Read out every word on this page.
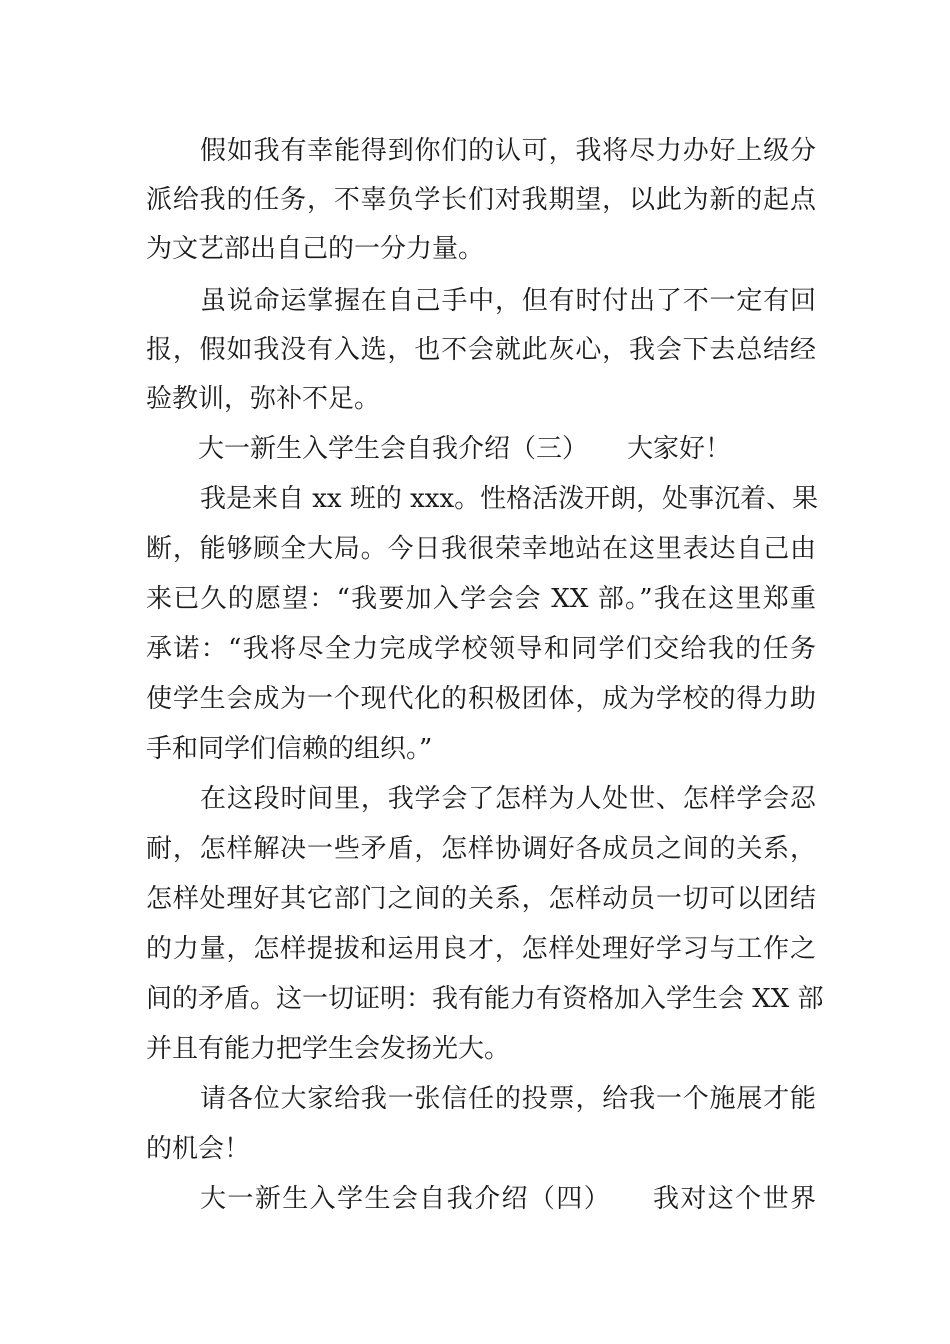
假如我有幸能得到你们的认可，我将尽力办好上级分
派给我的任务，不辜负学长们对我期望，以此为新的起点
为文艺部出自己的一分力量。
虽说命运掌握在自己手中，但有时付出了不一定有回
报，假如我没有入选，也不会就此灰心，我会下去总结经
验教训，弥补不足。
大一新生入学生会自我介绍（三）　　大家好！
我是来自 xx 班的 xxx。性格活泼开朗，处事沉着、果
断，能够顾全大局。今日我很荣幸地站在这里表达自己由
来已久的愿望：“我要加入学会会 XX 部。”我在这里郑重
承诺：“我将尽全力完成学校领导和同学们交给我的任务
使学生会成为一个现代化的积极团体，成为学校的得力助
手和同学们信赖的组织。”
在这段时间里，我学会了怎样为人处世、怎样学会忍
耐，怎样解决一些矛盾，怎样协调好各成员之间的关系，
怎样处理好其它部门之间的关系，怎样动员一切可以团结
的力量，怎样提拔和运用良才，怎样处理好学习与工作之
间的矛盾。这一切证明：我有能力有资格加入学生会 XX 部
并且有能力把学生会发扬光大。
请各位大家给我一张信任的投票，给我一个施展才能
的机会！
大一新生入学生会自我介绍（四）　　我对这个世界
